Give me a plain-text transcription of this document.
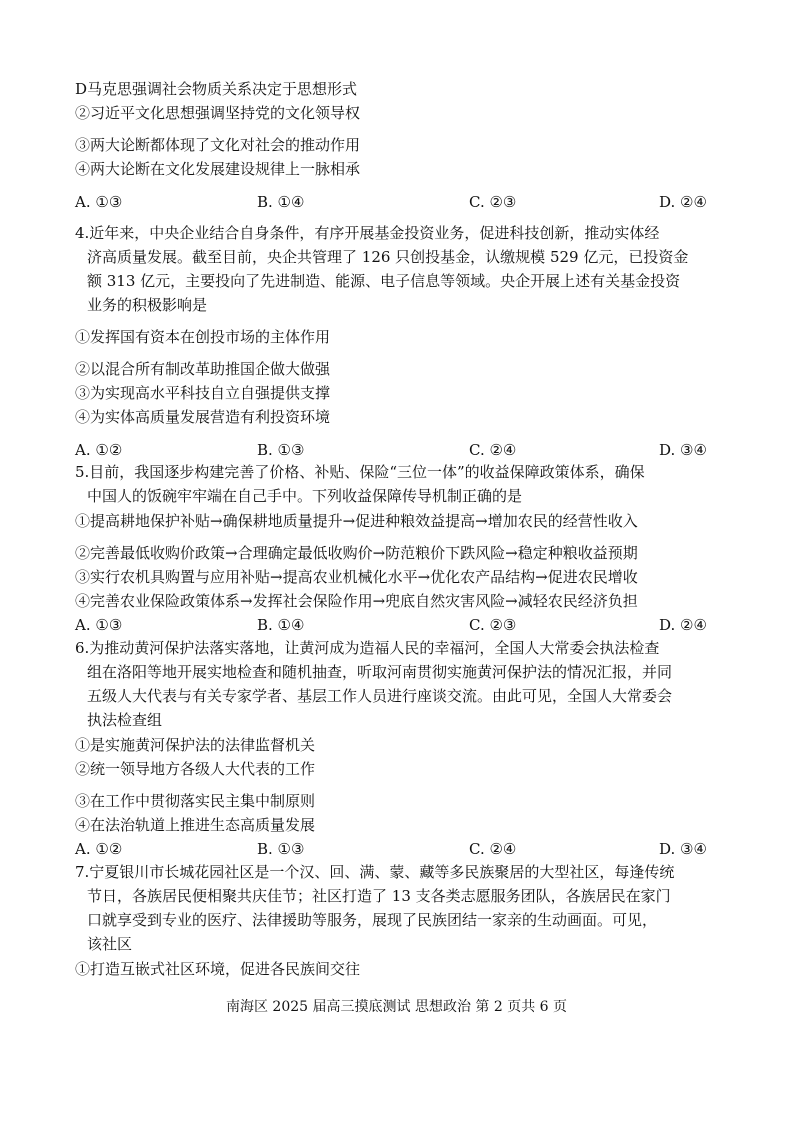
D马克思强调社会物质关系决定于思想形式
②习近平文化思想强调坚持党的文化领导权
③两大论断都体现了文化对社会的推动作用
④两大论断在文化发展建设规律上一脉相承
A. ①③	B. ①④	C. ②③	D. ②④
4.近年来，中央企业结合自身条件，有序开展基金投资业务，促进科技创新，推动实体经
济高质量发展。截至目前，央企共管理了 126 只创投基金，认缴规模 529 亿元，已投资金
额 313 亿元，主要投向了先进制造、能源、电子信息等领域。央企开展上述有关基金投资
业务的积极影响是
①发挥国有资本在创投市场的主体作用
②以混合所有制改革助推国企做大做强
③为实现高水平科技自立自强提供支撑
④为实体高质量发展营造有利投资环境
A. ①②	B. ①③	C. ②④	D. ③④
5.目前，我国逐步构建完善了价格、补贴、保险“三位一体”的收益保障政策体系，确保
中国人的饭碗牢牢端在自己手中。下列收益保障传导机制正确的是
①提高耕地保护补贴→确保耕地质量提升→促进种粮效益提高→增加农民的经营性收入
②完善最低收购价政策→合理确定最低收购价→防范粮价下跌风险→稳定种粮收益预期
③实行农机具购置与应用补贴→提高农业机械化水平→优化农产品结构→促进农民增收
④完善农业保险政策体系→发挥社会保险作用→兜底自然灾害风险→减轻农民经济负担
A. ①③	B. ①④	C. ②③	D. ②④
6.为推动黄河保护法落实落地，让黄河成为造福人民的幸福河，全国人大常委会执法检查
组在洛阳等地开展实地检查和随机抽查，听取河南贯彻实施黄河保护法的情况汇报，并同
五级人大代表与有关专家学者、基层工作人员进行座谈交流。由此可见，全国人大常委会
执法检查组
①是实施黄河保护法的法律监督机关
②统一领导地方各级人大代表的工作
③在工作中贯彻落实民主集中制原则
④在法治轨道上推进生态高质量发展
A. ①②	B. ①③	C. ②④	D. ③④
7.宁夏银川市长城花园社区是一个汉、回、满、蒙、藏等多民族聚居的大型社区，每逢传统
节日，各族居民便相聚共庆佳节；社区打造了 13 支各类志愿服务团队，各族居民在家门
口就享受到专业的医疗、法律援助等服务，展现了民族团结一家亲的生动画面。可见，
该社区
①打造互嵌式社区环境，促进各民族间交往
南海区 2025 届高三摸底测试 思想政治 第 2 页共 6 页
